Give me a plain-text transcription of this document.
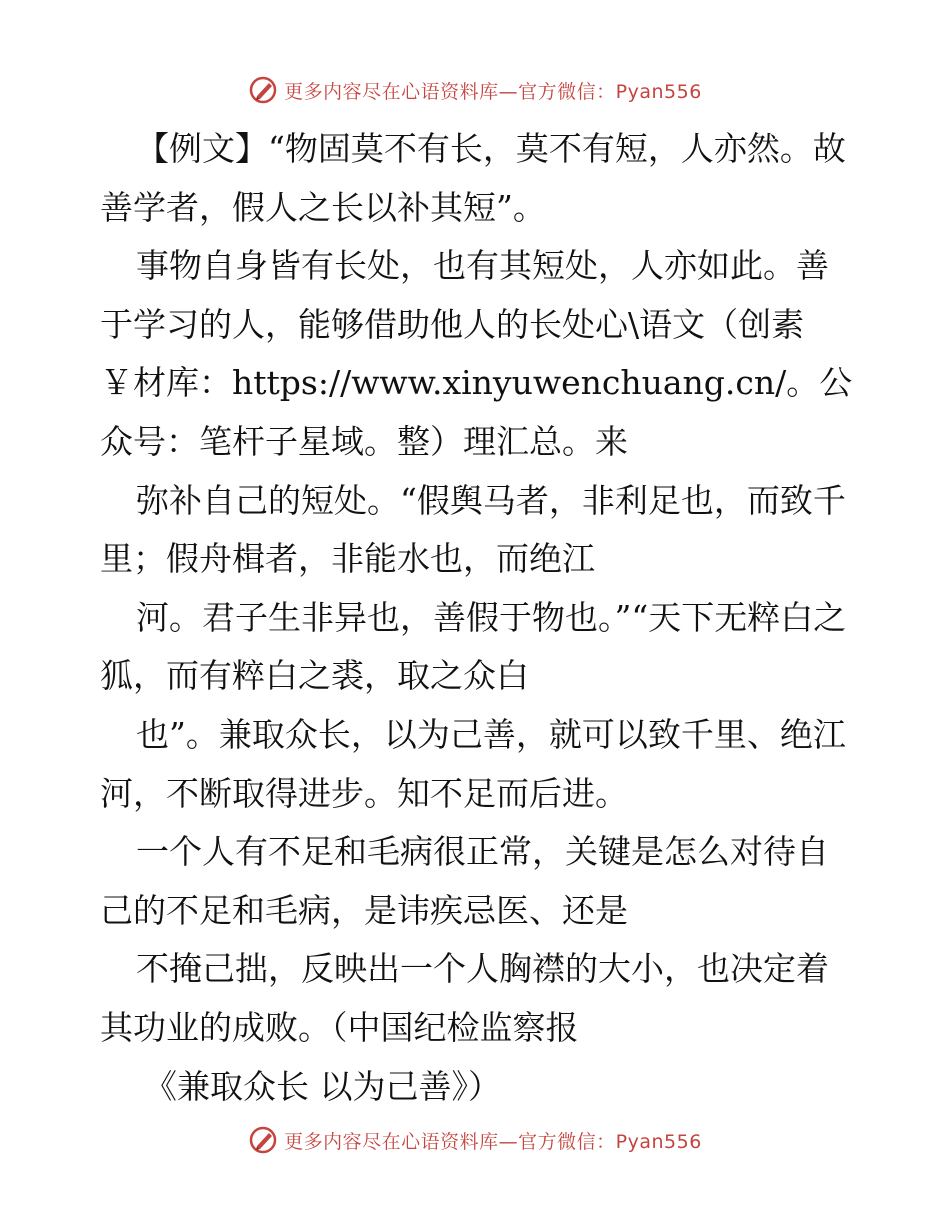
更多内容尽在心语资料库—官方微信：Pyan556

【例文】“物固莫不有长，莫不有短，人亦然。故善学者，假人之长以补其短”。

事物自身皆有长处，也有其短处，人亦如此。善于学习的人，能够借助他人的长处心\语文（创素￥材库：https://www.xinyuwenchuang.cn/。公众号：笔杆子星域。整）理汇总。来

弥补自己的短处。“假舆马者，非利足也，而致千里；假舟楫者，非能水也，而绝江

河。君子生非异也，善假于物也。”“天下无粹白之狐，而有粹白之裘，取之众白

也”。兼取众长，以为己善，就可以致千里、绝江河，不断取得进步。知不足而后进。

一个人有不足和毛病很正常，关键是怎么对待自己的不足和毛病，是讳疾忌医、还是

不掩己拙，反映出一个人胸襟的大小，也决定着其功业的成败。（中国纪检监察报

《兼取众长 以为己善》）

更多内容尽在心语资料库—官方微信：Pyan556
